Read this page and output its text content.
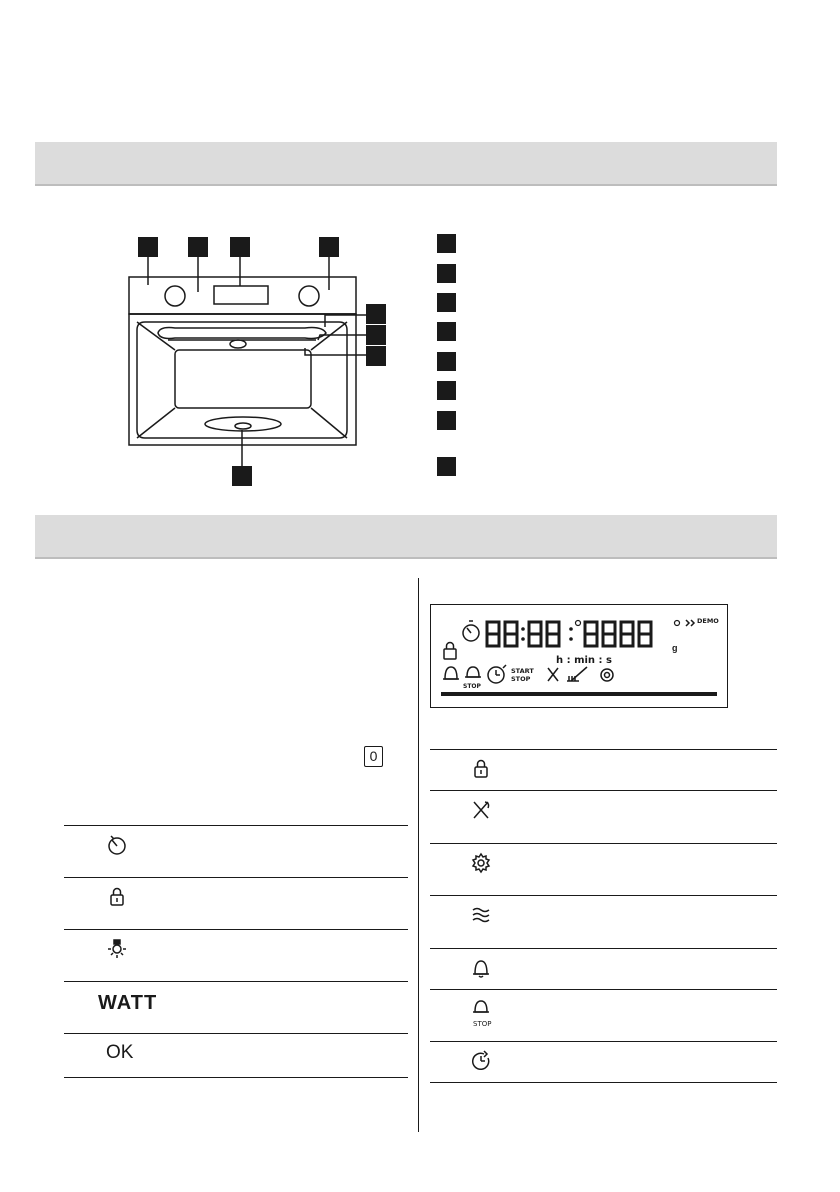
0
WATT
OK
h : min : s
DEMO
g
START
STOP
STOP
STOP
